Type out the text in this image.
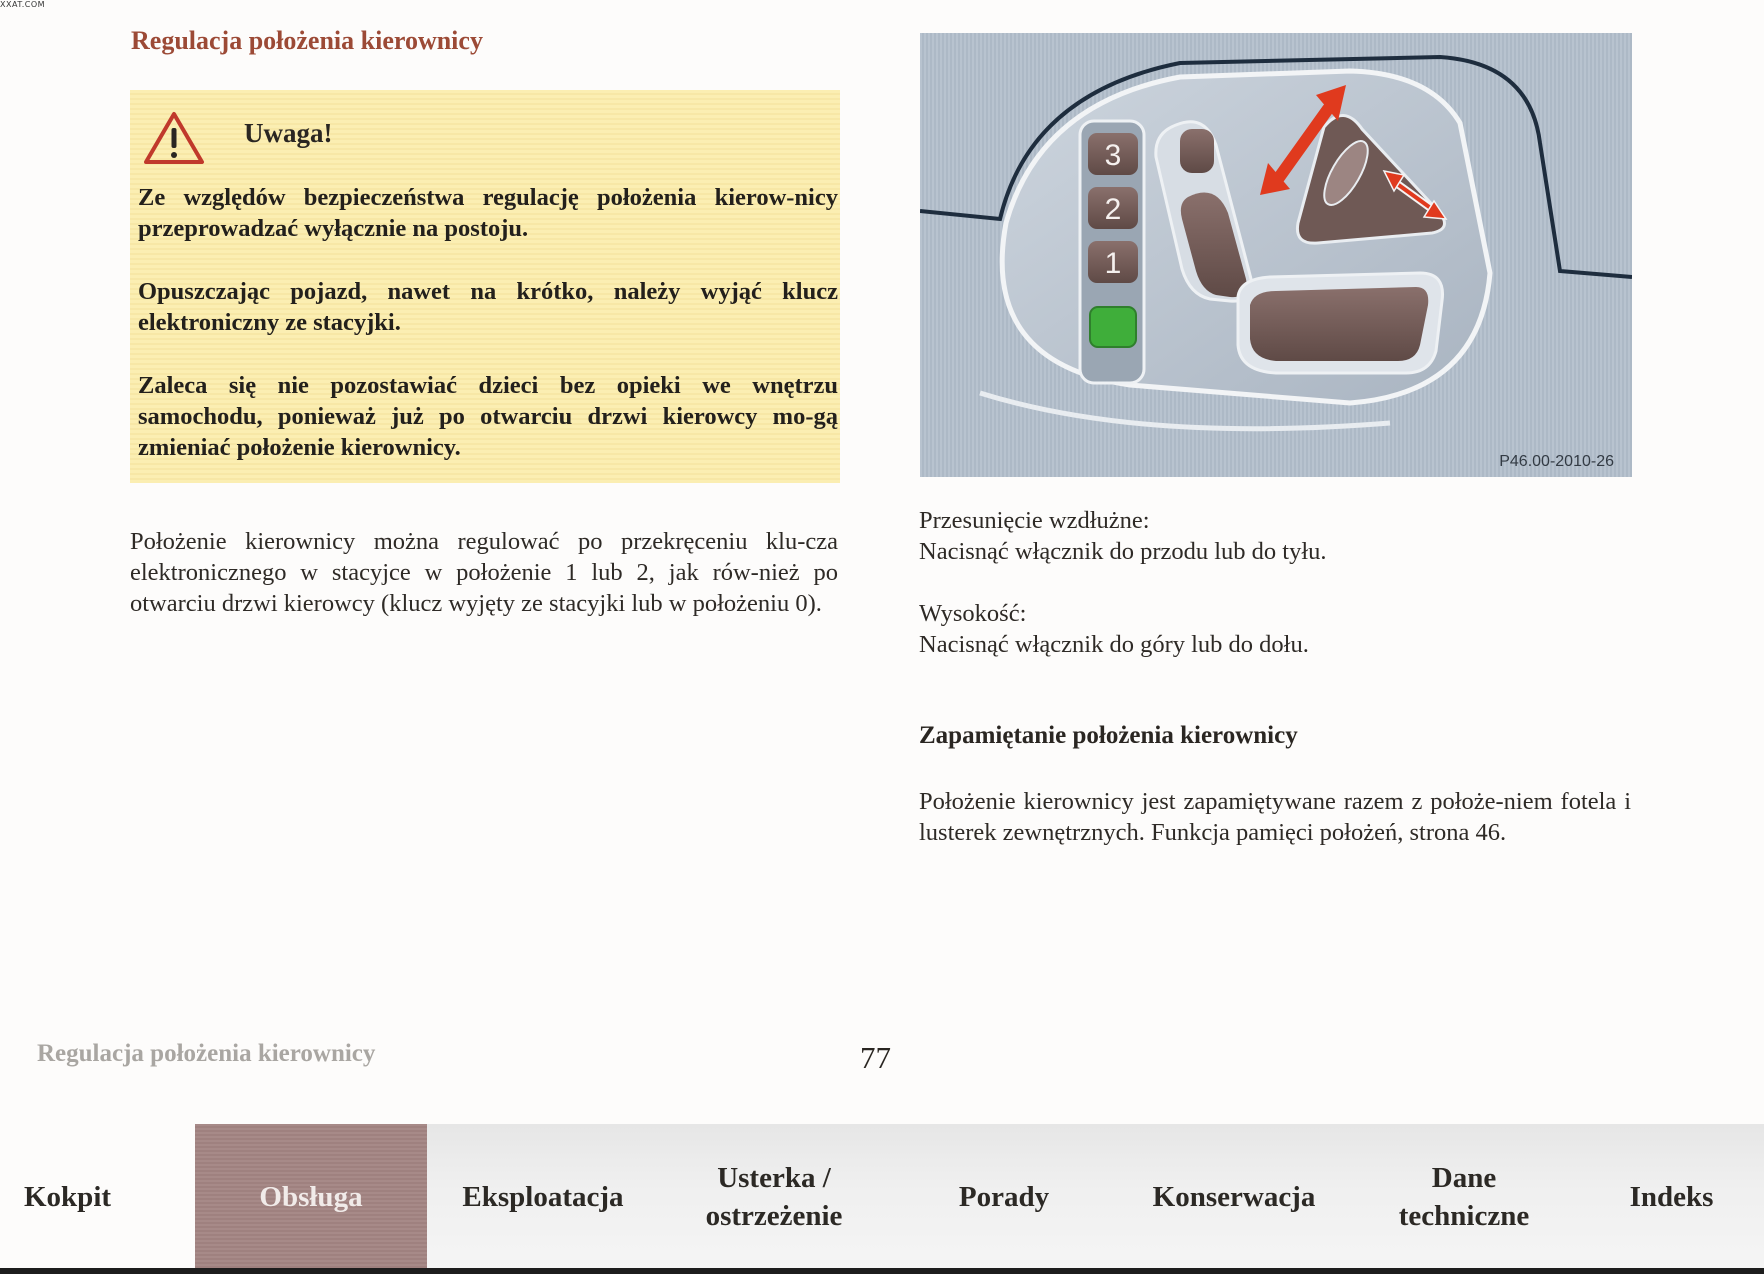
XXAT.COM
Regulacja położenia kierownicy
Uwaga!

Ze względów bezpieczeństwa regulację położenia kierow-nicy przeprowadzać wyłącznie na postoju.

Opuszczając pojazd, nawet na krótko, należy wyjąć klucz elektroniczny ze stacyjki.

Zaleca się nie pozostawiać dzieci bez opieki we wnętrzu samochodu, ponieważ już po otwarciu drzwi kierowcy mo-gą zmieniać położenie kierownicy.

Położenie kierownicy można regulować po przekręceniu klu-cza elektronicznego w stacyjce w położenie 1 lub 2, jak rów-nież po otwarciu drzwi kierowcy (klucz wyjęty ze stacyjki lub w położeniu 0).

3
2
1
P46.00-2010-26

Przesunięcie wzdłużne:

Nacisnąć włącznik do przodu lub do tyłu.

Wysokość:

Nacisnąć włącznik do góry lub do dołu.

Zapamiętanie położenia kierownicy

Położenie kierownicy jest zapamiętywane razem z położe-niem fotela i lusterek zewnętrznych. Funkcja pamięci położeń, strona 46.

Regulacja położenia kierownicy	77
Kokpit	Obsługa	Eksploatacja
Usterka /
ostrzeżenie
Porady	Konserwacja
Dane
techniczne
Indeks
